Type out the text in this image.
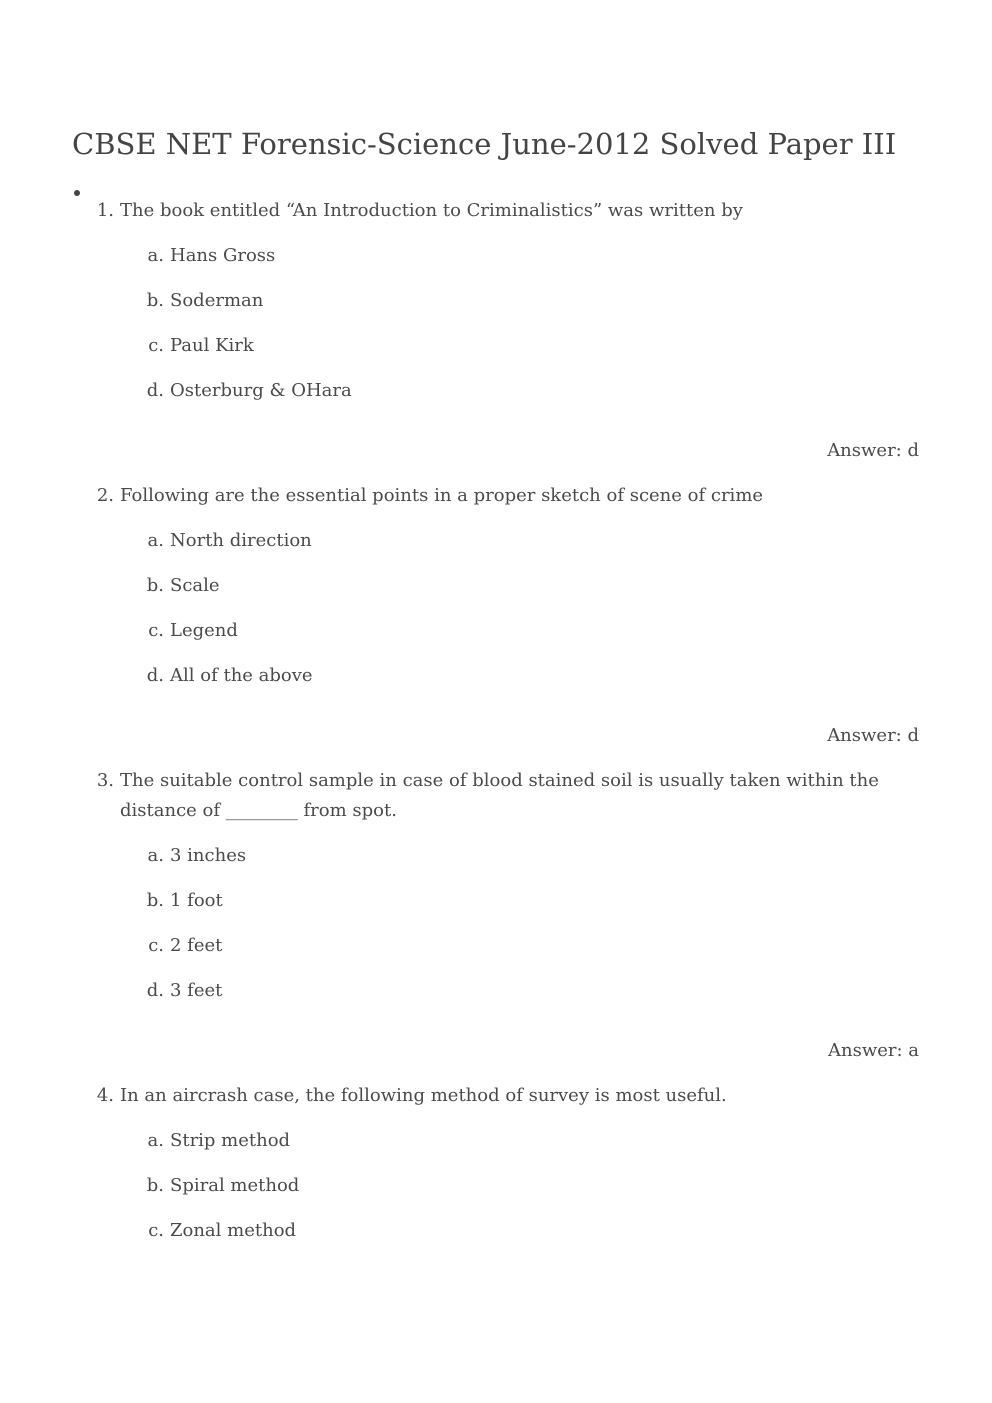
CBSE NET Forensic-Science June-2012 Solved Paper III
1. The book entitled “An Introduction to Criminalistics” was written by
a. Hans Gross
b. Soderman
c. Paul Kirk
d. Osterburg & OHara
Answer: d
2. Following are the essential points in a proper sketch of scene of crime
a. North direction
b. Scale
c. Legend
d. All of the above
Answer: d
3. The suitable control sample in case of blood stained soil is usually taken within the
distance of ________ from spot.
a. 3 inches
b. 1 foot
c. 2 feet
d. 3 feet
Answer: a
4. In an aircrash case, the following method of survey is most useful.
a. Strip method
b. Spiral method
c. Zonal method
